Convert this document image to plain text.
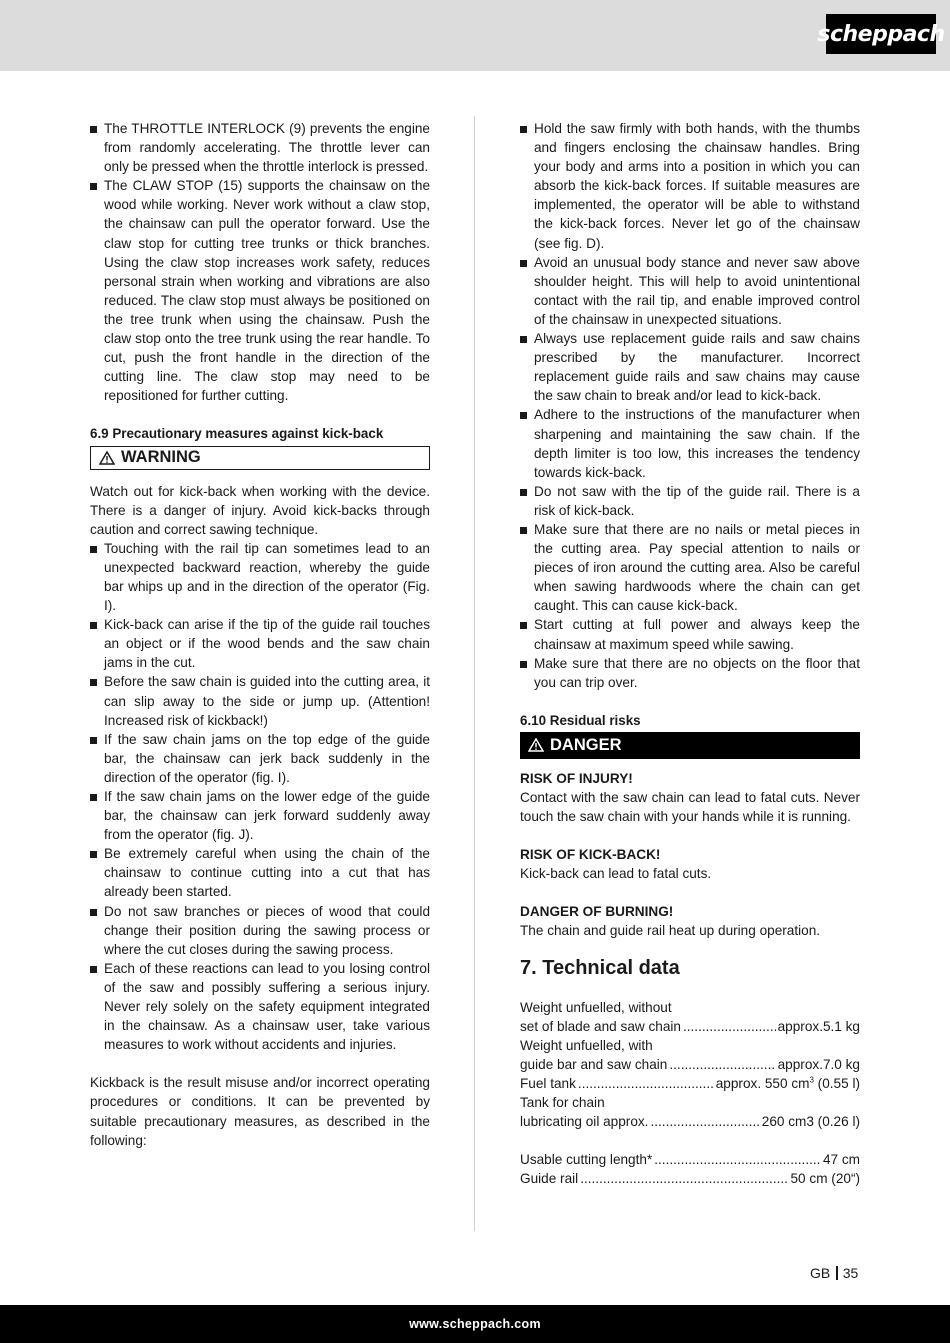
scheppach

The THROTTLE INTERLOCK (9) prevents the engine from randomly accelerating. The throttle lever can only be pressed when the throttle interlock is pressed.

The CLAW STOP (15) supports the chainsaw on the wood while working. Never work without a claw stop, the chainsaw can pull the operator forward. Use the claw stop for cutting tree trunks or thick branches. Using the claw stop increases work safety, reduces personal strain when working and vibrations are also reduced. The claw stop must always be positioned on the tree trunk when using the chainsaw. Push the claw stop onto the tree trunk using the rear handle. To cut, push the front handle in the direction of the cutting line. The claw stop may need to be repositioned for further cutting.

6.9 Precautionary measures against kick-back

WARNING

Watch out for kick-back when working with the device. There is a danger of injury. Avoid kick-backs through caution and correct sawing technique.

Touching with the rail tip can sometimes lead to an unexpected backward reaction, whereby the guide bar whips up and in the direction of the operator (Fig. I).

Kick-back can arise if the tip of the guide rail touches an object or if the wood bends and the saw chain jams in the cut.

Before the saw chain is guided into the cutting area, it can slip away to the side or jump up. (Attention! Increased risk of kickback!)

If the saw chain jams on the top edge of the guide bar, the chainsaw can jerk back suddenly in the direction of the operator (fig. I).

If the saw chain jams on the lower edge of the guide bar, the chainsaw can jerk forward suddenly away from the operator (fig. J).

Be extremely careful when using the chain of the chainsaw to continue cutting into a cut that has already been started.

Do not saw branches or pieces of wood that could change their position during the sawing process or where the cut closes during the sawing process.

Each of these reactions can lead to you losing control of the saw and possibly suffering a serious injury. Never rely solely on the safety equipment integrated in the chainsaw. As a chainsaw user, take various measures to work without accidents and injuries.

Kickback is the result misuse and/or incorrect operating procedures or conditions. It can be prevented by suitable precautionary measures, as described in the following:

Hold the saw firmly with both hands, with the thumbs and fingers enclosing the chainsaw handles. Bring your body and arms into a position in which you can absorb the kick-back forces. If suitable measures are implemented, the operator will be able to withstand the kick-back forces. Never let go of the chainsaw (see fig. D).

Avoid an unusual body stance and never saw above shoulder height. This will help to avoid unintentional contact with the rail tip, and enable improved control of the chainsaw in unexpected situations.

Always use replacement guide rails and saw chains prescribed by the manufacturer. Incorrect replacement guide rails and saw chains may cause the saw chain to break and/or lead to kick-back.

Adhere to the instructions of the manufacturer when sharpening and maintaining the saw chain. If the depth limiter is too low, this increases the tendency towards kick-back.

Do not saw with the tip of the guide rail. There is a risk of kick-back.

Make sure that there are no nails or metal pieces in the cutting area. Pay special attention to nails or pieces of iron around the cutting area. Also be careful when sawing hardwoods where the chain can get caught. This can cause kick-back.

Start cutting at full power and always keep the chainsaw at maximum speed while sawing.

Make sure that there are no objects on the floor that you can trip over.

6.10 Residual risks

DANGER

RISK OF INJURY!

Contact with the saw chain can lead to fatal cuts. Never touch the saw chain with your hands while it is running.

RISK OF KICK-BACK!

Kick-back can lead to fatal cuts.

DANGER OF BURNING!

The chain and guide rail heat up during operation.

7. Technical data

Weight unfuelled, without

set of blade and saw chain .....	approx.5.1 kg

Weight unfuelled, with

guide bar and saw chain .....	approx.7.0 kg

Fuel tank .....	approx. 550 $cm^3$ (0.55 l)

Tank for chain

lubricating oil approx. .....	260 cm3 (0.26 l)

Usable cutting length* .....	47 cm

Guide rail .....	50 cm (20“)

GB 35
www.scheppach.com
